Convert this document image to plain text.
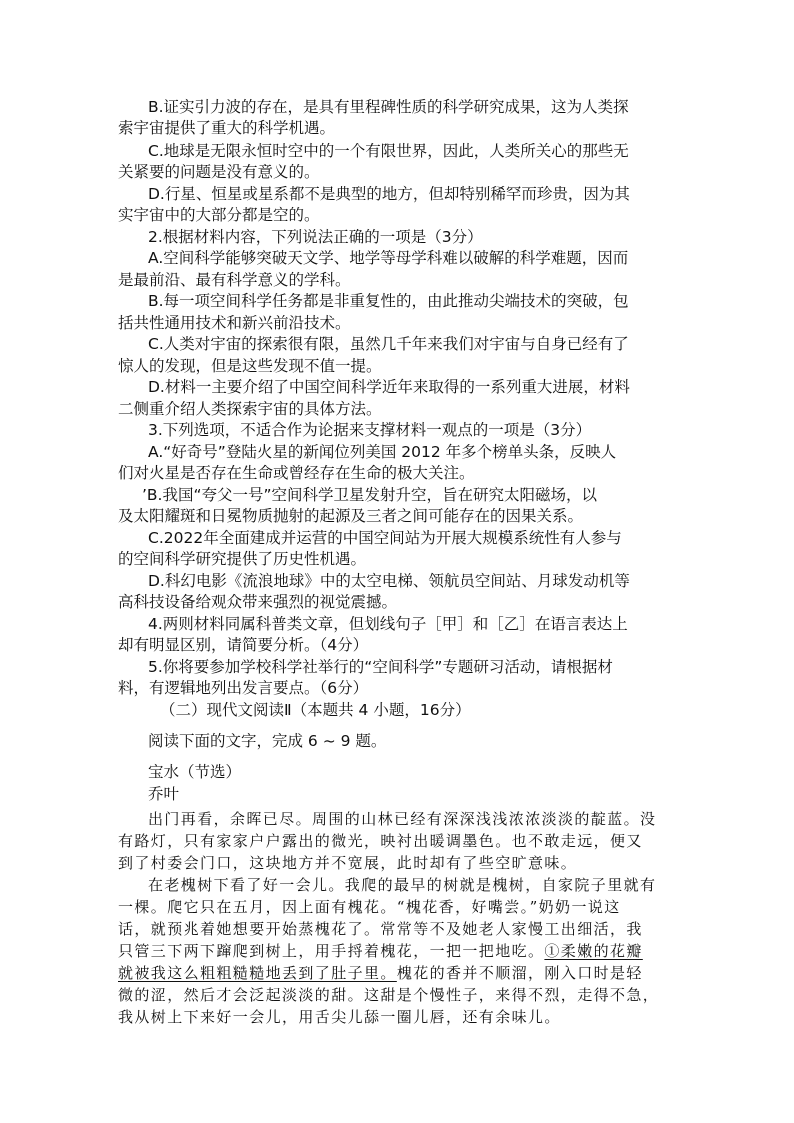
B.证实引力波的存在，是具有里程碑性质的科学研究成果，这为人类探
索宇宙提供了重大的科学机遇。
C.地球是无限永恒时空中的一个有限世界，因此，人类所关心的那些无
关紧要的问题是没有意义的。
D.行星、恒星或星系都不是典型的地方，但却特别稀罕而珍贵，因为其
实宇宙中的大部分都是空的。
2.根据材料内容，下列说法正确的一项是（3分）
A.空间科学能够突破天文学、地学等母学科难以破解的科学难题，因而
是最前沿、最有科学意义的学科。
B.每一项空间科学任务都是非重复性的，由此推动尖端技术的突破，包
括共性通用技术和新兴前沿技术。
C.人类对宇宙的探索很有限，虽然几千年来我们对宇宙与自身已经有了
惊人的发现，但是这些发现不值一提。
D.材料一主要介绍了中国空间科学近年来取得的一系列重大进展，材料
二侧重介绍人类探索宇宙的具体方法。
3.下列选项，不适合作为论据来支撑材料一观点的一项是（3分）
A.“好奇号”登陆火星的新闻位列美国 2012 年多个榜单头条，反映人
们对火星是否存在生命或曾经存在生命的极大关注。
’B.我国“夸父一号”空间科学卫星发射升空，旨在研究太阳磁场，以
及太阳耀斑和日冕物质抛射的起源及三者之间可能存在的因果关系。
C.2022年全面建成并运营的中国空间站为开展大规模系统性有人参与
的空间科学研究提供了历史性机遇。
D.科幻电影《流浪地球》中的太空电梯、领航员空间站、月球发动机等
高科技设备给观众带来强烈的视觉震撼。
4.两则材料同属科普类文章，但划线句子［甲］和［乙］在语言表达上
却有明显区别，请简要分析。（4分）
5.你将要参加学校科学社举行的“空间科学”专题研习活动，请根据材
料，有逻辑地列出发言要点。（6分）
（二）现代文阅读Ⅱ（本题共 4 小题，16分）
阅读下面的文字，完成 6 ~ 9 题。
宝水（节选）
乔叶
出门再看，余晖已尽。周围的山林已经有深深浅浅浓浓淡淡的靛蓝。没
有路灯，只有家家户户露出的微光，映衬出暖调墨色。也不敢走远，便又
到了村委会门口，这块地方并不宽展，此时却有了些空旷意味。
在老槐树下看了好一会儿。我爬的最早的树就是槐树，自家院子里就有
一棵。爬它只在五月，因上面有槐花。“槐花香，好嘴尝。”奶奶一说这
话，就预兆着她想要开始蒸槐花了。常常等不及她老人家慢工出细活，我
只管三下两下蹿爬到树上，用手捋着槐花，一把一把地吃。①柔嫩的花瓣
就被我这么粗粗糙糙地丢到了肚子里。槐花的香并不顺溜，刚入口时是轻
微的涩，然后才会泛起淡淡的甜。这甜是个慢性子，来得不烈，走得不急，
我从树上下来好一会儿，用舌尖儿舔一圈儿唇，还有余味儿。
